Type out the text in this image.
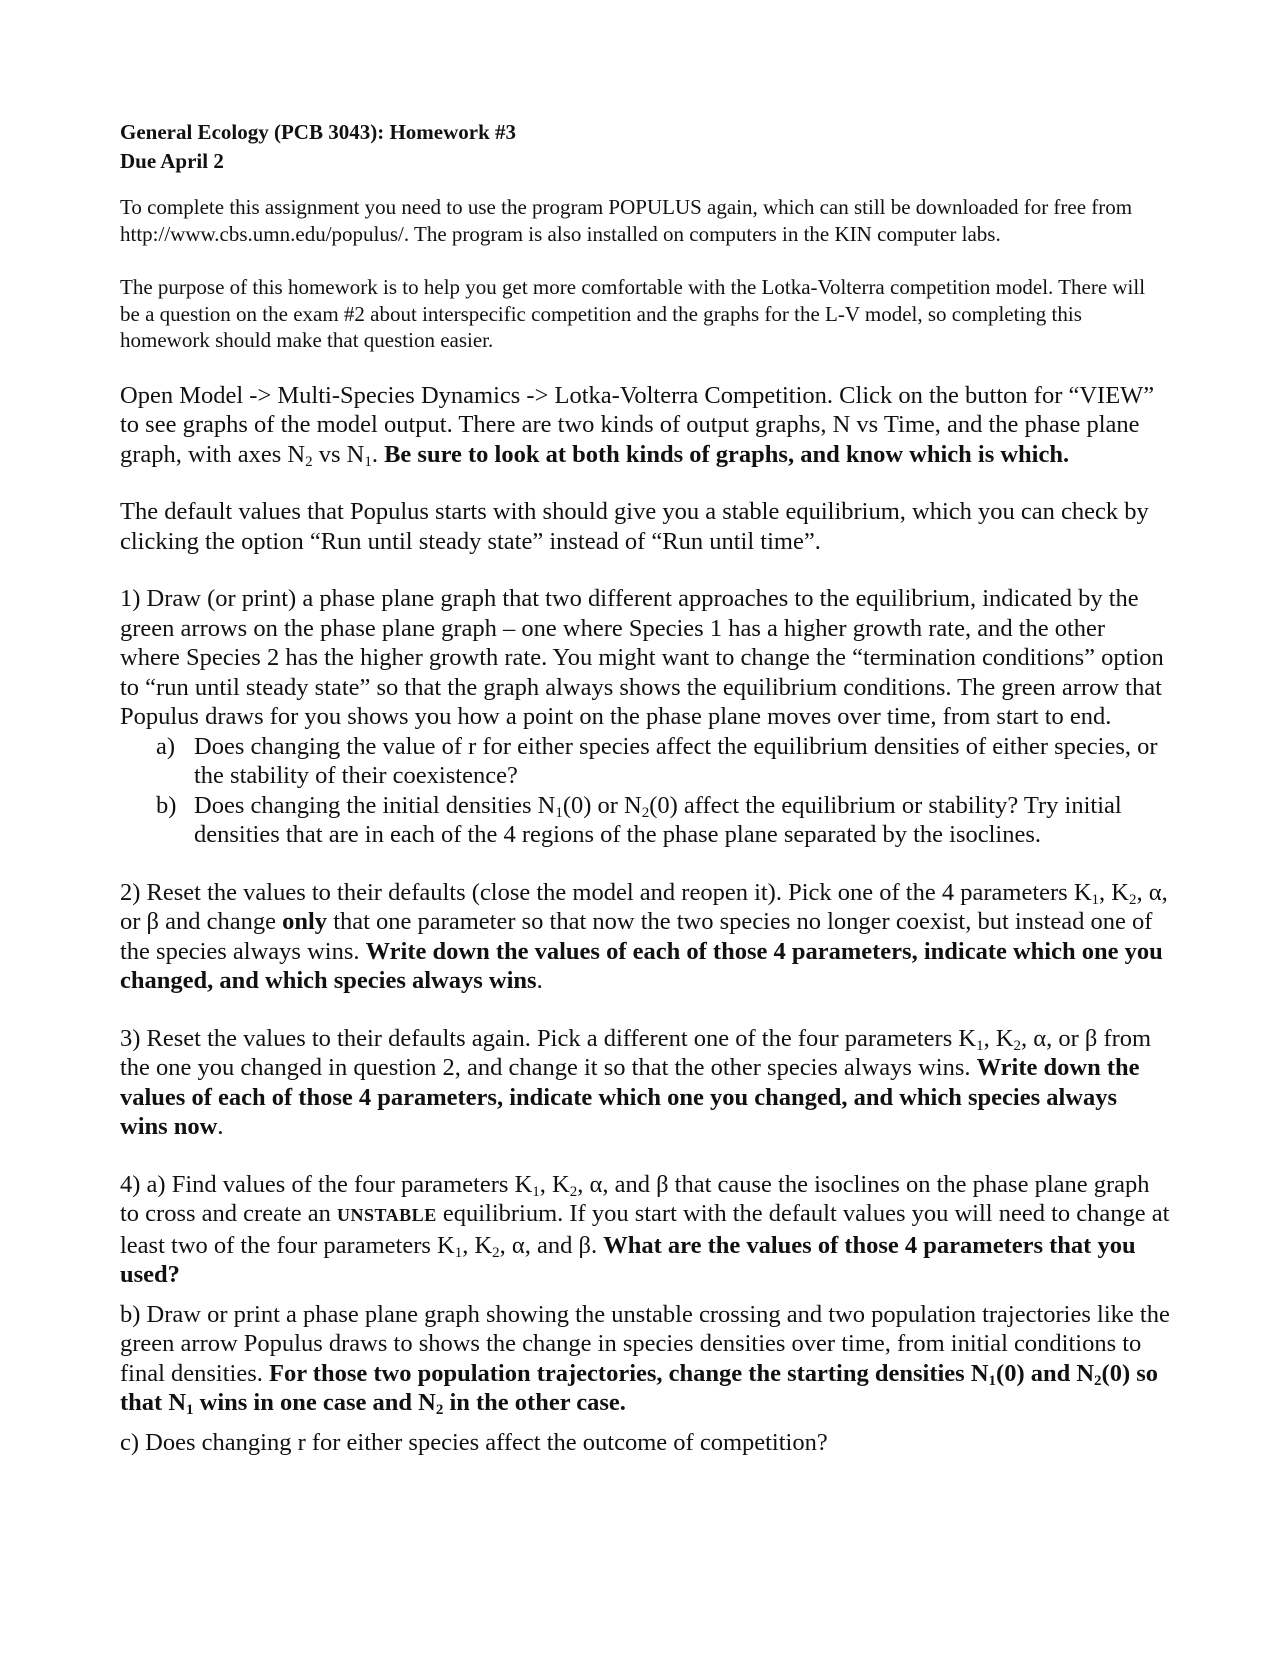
General Ecology (PCB 3043): Homework #3
Due April 2

To complete this assignment you need to use the program POPULUS again, which can still be downloaded for free from http://www.cbs.umn.edu/populus/. The program is also installed on computers in the KIN computer labs.

The purpose of this homework is to help you get more comfortable with the Lotka-Volterra competition model. There will be a question on the exam #2 about interspecific competition and the graphs for the L-V model, so completing this homework should make that question easier.

Open Model -> Multi-Species Dynamics -> Lotka-Volterra Competition. Click on the button for “VIEW” to see graphs of the model output. There are two kinds of output graphs, N vs Time, and the phase plane graph, with axes $N_2$ vs $N_1$. Be sure to look at both kinds of graphs, and know which is which.

The default values that Populus starts with should give you a stable equilibrium, which you can check by clicking the option “Run until steady state” instead of “Run until time”.

1) Draw (or print) a phase plane graph that two different approaches to the equilibrium, indicated by the green arrows on the phase plane graph – one where Species 1 has a higher growth rate, and the other where Species 2 has the higher growth rate. You might want to change the “termination conditions” option to “run until steady state” so that the graph always shows the equilibrium conditions. The green arrow that Populus draws for you shows you how a point on the phase plane moves over time, from start to end.

a) Does changing the value of r for either species affect the equilibrium densities of either species, or the stability of their coexistence?
b) Does changing the initial densities $N_1(0)$ or $N_2(0)$ affect the equilibrium or stability? Try initial densities that are in each of the 4 regions of the phase plane separated by the isoclines.

2) Reset the values to their defaults (close the model and reopen it). Pick one of the 4 parameters $K_1$, $K_2$, α, or β and change only that one parameter so that now the two species no longer coexist, but instead one of the species always wins. Write down the values of each of those 4 parameters, indicate which one you changed, and which species always wins.

3) Reset the values to their defaults again. Pick a different one of the four parameters $K_1$, $K_2$, α, or β from the one you changed in question 2, and change it so that the other species always wins. Write down the values of each of those 4 parameters, indicate which one you changed, and which species always wins now.

4) a) Find values of the four parameters $K_1$, $K_2$, α, and β that cause the isoclines on the phase plane graph to cross and create an UNSTABLE equilibrium. If you start with the default values you will need to change at least two of the four parameters $K_1$, $K_2$, α, and β. What are the values of those 4 parameters that you used?

b) Draw or print a phase plane graph showing the unstable crossing and two population trajectories like the green arrow Populus draws to shows the change in species densities over time, from initial conditions to final densities. For those two population trajectories, change the starting densities $N_1(0)$ and $N_2(0)$ so that $N_1$ wins in one case and $N_2$ in the other case.

c) Does changing r for either species affect the outcome of competition?
